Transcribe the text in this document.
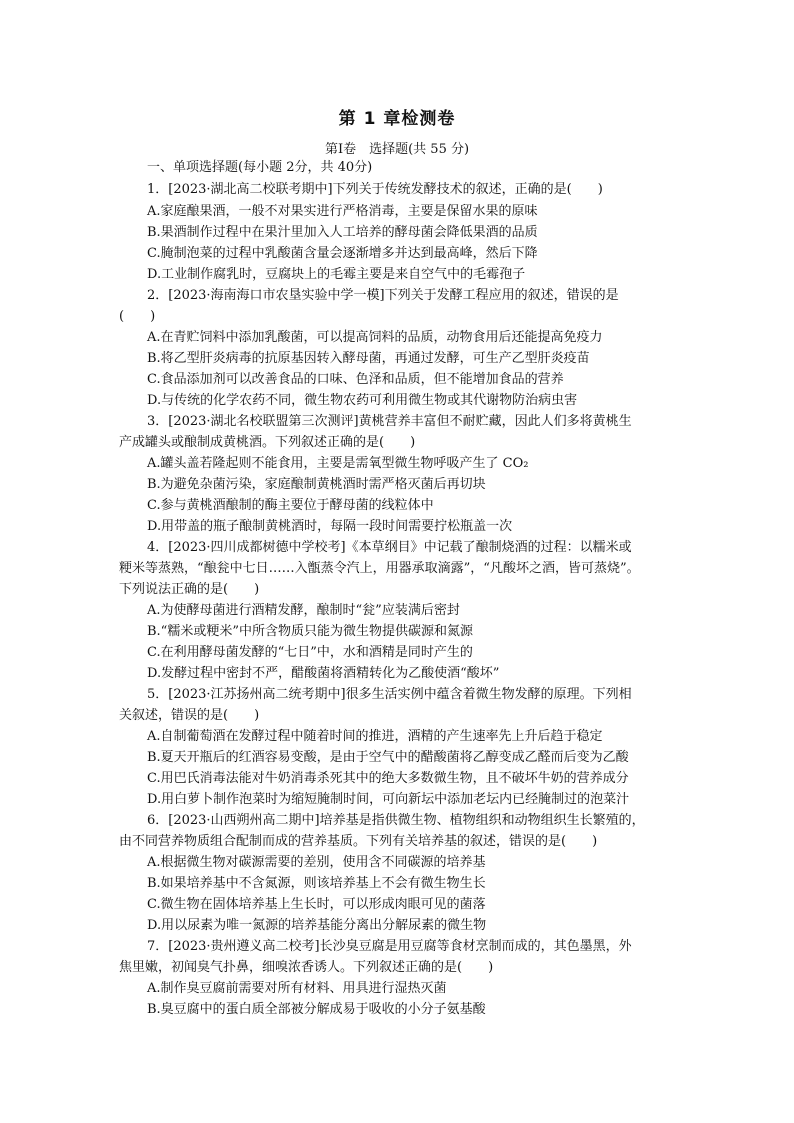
第 1 章检测卷
第Ⅰ卷　选择题(共 55 分)
一、单项选择题(每小题 2分，共 40分)
1．[2023·湖北高二校联考期中]下列关于传统发酵技术的叙述，正确的是(　　)
A.家庭酿果酒，一般不对果实进行严格消毒，主要是保留水果的原味
B.果酒制作过程中在果汁里加入人工培养的酵母菌会降低果酒的品质
C.腌制泡菜的过程中乳酸菌含量会逐渐增多并达到最高峰，然后下降
D.工业制作腐乳时，豆腐块上的毛霉主要是来自空气中的毛霉孢子
2．[2023·海南海口市农垦实验中学一模]下列关于发酵工程应用的叙述，错误的是
(　　)
A.在青贮饲料中添加乳酸菌，可以提高饲料的品质，动物食用后还能提高免疫力
B.将乙型肝炎病毒的抗原基因转入酵母菌，再通过发酵，可生产乙型肝炎疫苗
C.食品添加剂可以改善食品的口味、色泽和品质，但不能增加食品的营养
D.与传统的化学农药不同，微生物农药可利用微生物或其代谢物防治病虫害
3．[2023·湖北名校联盟第三次测评]黄桃营养丰富但不耐贮藏，因此人们多将黄桃生
产成罐头或酿制成黄桃酒。下列叙述正确的是(　　)
A.罐头盖若隆起则不能食用，主要是需氧型微生物呼吸产生了 CO₂
B.为避免杂菌污染，家庭酿制黄桃酒时需严格灭菌后再切块
C.参与黄桃酒酿制的酶主要位于酵母菌的线粒体中
D.用带盖的瓶子酿制黄桃酒时，每隔一段时间需要拧松瓶盖一次
4．[2023·四川成都树德中学校考]《本草纲目》中记载了酿制烧酒的过程：以糯米或
粳米等蒸熟，“酿瓮中七日……入甑蒸令汽上，用器承取滴露”，“凡酸坏之酒，皆可蒸烧”。
下列说法正确的是(　　)
A.为使酵母菌进行酒精发酵，酿制时“瓮”应装满后密封
B.“糯米或粳米”中所含物质只能为微生物提供碳源和氮源
C.在利用酵母菌发酵的“七日”中，水和酒精是同时产生的
D.发酵过程中密封不严，醋酸菌将酒精转化为乙酸使酒“酸坏”
5．[2023·江苏扬州高二统考期中]很多生活实例中蕴含着微生物发酵的原理。下列相
关叙述，错误的是(　　)
A.自制葡萄酒在发酵过程中随着时间的推进，酒精的产生速率先上升后趋于稳定
B.夏天开瓶后的红酒容易变酸，是由于空气中的醋酸菌将乙醇变成乙醛而后变为乙酸
C.用巴氏消毒法能对牛奶消毒杀死其中的绝大多数微生物，且不破坏牛奶的营养成分
D.用白萝卜制作泡菜时为缩短腌制时间，可向新坛中添加老坛内已经腌制过的泡菜汁
6．[2023·山西朔州高二期中]培养基是指供微生物、植物组织和动物组织生长繁殖的，
由不同营养物质组合配制而成的营养基质。下列有关培养基的叙述，错误的是(　　)
A.根据微生物对碳源需要的差别，使用含不同碳源的培养基
B.如果培养基中不含氮源，则该培养基上不会有微生物生长
C.微生物在固体培养基上生长时，可以形成肉眼可见的菌落
D.用以尿素为唯一氮源的培养基能分离出分解尿素的微生物
7．[2023·贵州遵义高二校考]长沙臭豆腐是用豆腐等食材烹制而成的，其色墨黑，外
焦里嫩，初闻臭气扑鼻，细嗅浓香诱人。下列叙述正确的是(　　)
A.制作臭豆腐前需要对所有材料、用具进行湿热灭菌
B.臭豆腐中的蛋白质全部被分解成易于吸收的小分子氨基酸
